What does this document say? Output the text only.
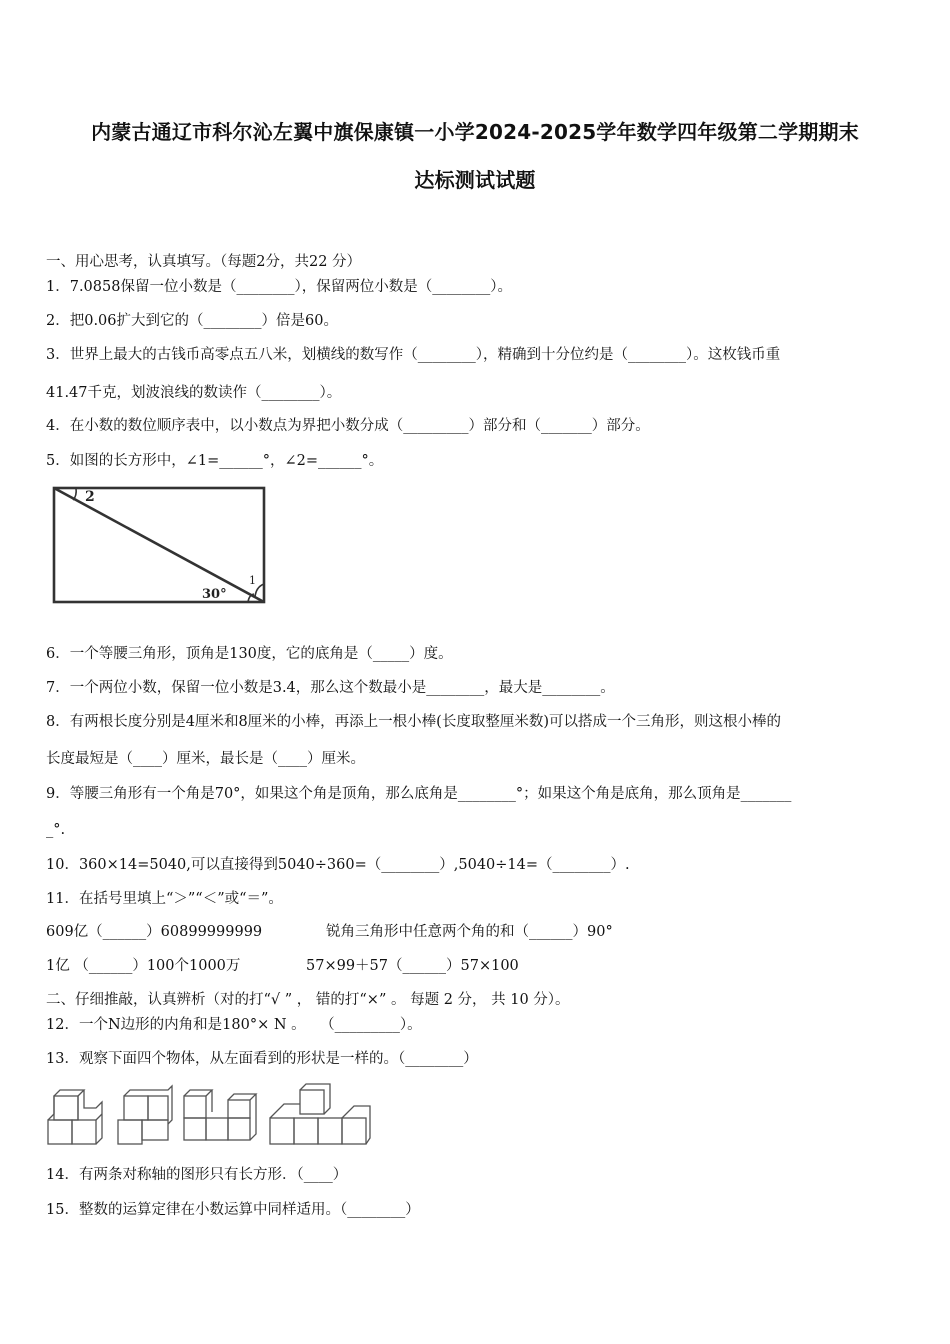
内蒙古通辽市科尔沁左翼中旗保康镇一小学2024-2025学年数学四年级第二学期期末
达标测试试题
一、用心思考，认真填写。（每题2分，共22 分）
1．7.0858保留一位小数是（________），保留两位小数是（________）。
2．把0.06扩大到它的（________）倍是60。
3．世界上最大的古钱币高零点五八米，划横线的数写作（________），精确到十分位约是（________）。这枚钱币重
41.47千克，划波浪线的数读作（________）。
4．在小数的数位顺序表中，以小数点为界把小数分成（_________）部分和（_______）部分。
5．如图的长方形中，∠1=______°，∠2=______°。
2
30°
1
6．一个等腰三角形，顶角是130度，它的底角是（_____）度。
7．一个两位小数，保留一位小数是3.4，那么这个数最小是________，最大是________。
8．有两根长度分别是4厘米和8厘米的小棒，再添上一根小棒(长度取整厘米数)可以搭成一个三角形，则这根小棒的
长度最短是（____）厘米，最长是（____）厘米。
9．等腰三角形有一个角是70°，如果这个角是顶角，那么底角是________°；如果这个角是底角，那么顶角是_______
_°.
10．360×14=5040,可以直接得到5040÷360=（________）,5040÷14=（________）.
11．在括号里填上“＞”“＜”或“＝”。
609亿（______）60899999999	锐角三角形中任意两个角的和（______）90°
1亿 （______）100个1000万	57×99＋57（______）57×100
二、仔细推敲，认真辨析（对的打“√ ” ， 错的打“×” 。 每题 2 分， 共 10 分）。
12．一个N边形的内角和是180°× N 。　　（_________）。
13．观察下面四个物体，从左面看到的形状是一样的。（________）
14．有两条对称轴的图形只有长方形．（____）
15．整数的运算定律在小数运算中同样适用。（________）
